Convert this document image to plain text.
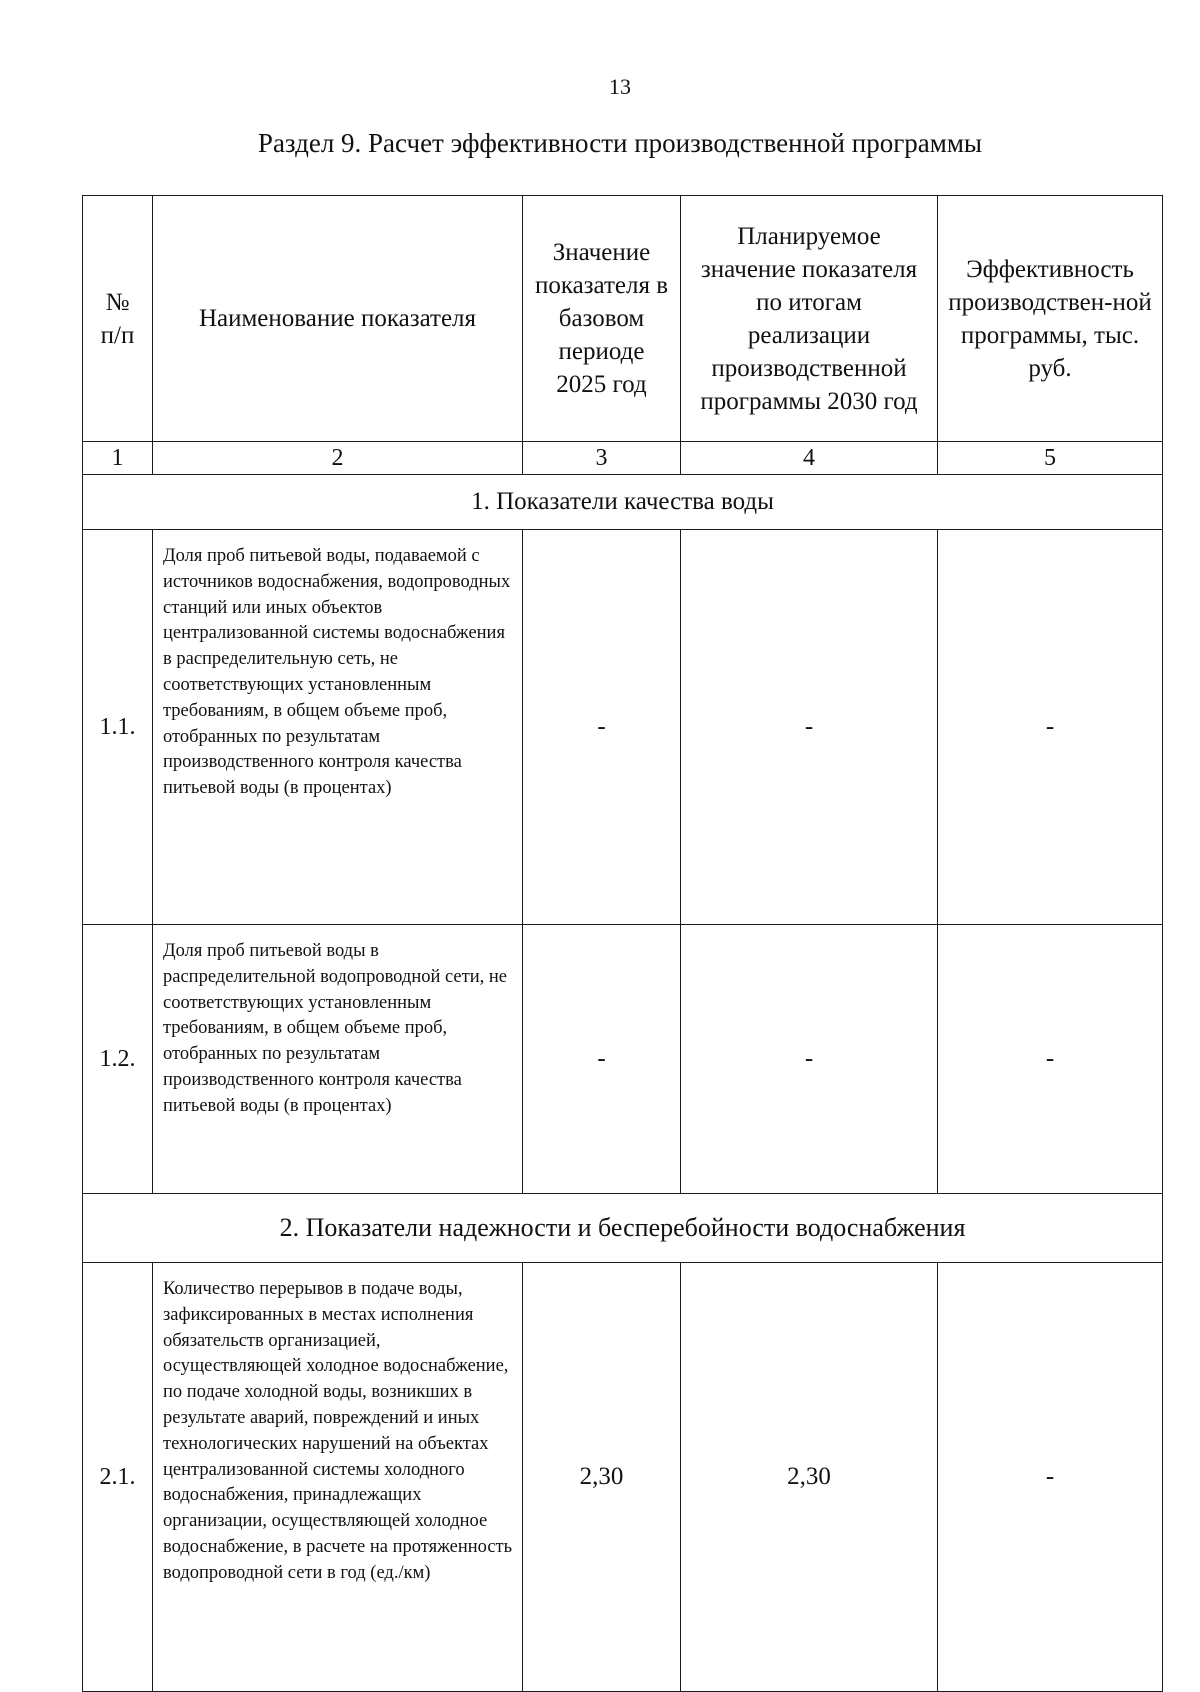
13
Раздел 9. Расчет эффективности производственной программы
№ п/п	Наименование показателя	Значение показателя в базовом периоде 2025 год	Планируемое значение показателя по итогам реализации производственной программы 2030 год	Эффективность производствен-ной программы, тыс. руб.
1	2	3	4	5
1. Показатели качества воды				
1.1.	Доля проб питьевой воды, подаваемой с источников водоснабжения, водопроводных станций или иных объектов централизованной системы водоснабжения в распределительную сеть, не соответствующих установленным требованиям, в общем объеме проб, отобранных по результатам производственного контроля качества питьевой воды (в процентах)	-	-	-
1.2.	Доля проб питьевой воды в распределительной водопроводной сети, не соответствующих установленным требованиям, в общем объеме проб, отобранных по результатам производственного контроля качества питьевой воды (в процентах)	-	-	-
2. Показатели надежности и бесперебойности водоснабжения				
2.1.	Количество перерывов в подаче воды, зафиксированных в местах исполнения обязательств организацией, осуществляющей холодное водоснабжение, по подаче холодной воды, возникших в результате аварий, повреждений и иных технологических нарушений на объектах централизованной системы холодного водоснабжения, принадлежащих организации, осуществляющей холодное водоснабжение, в расчете на протяженность водопроводной сети в год (ед./км)	2,30	2,30	-
